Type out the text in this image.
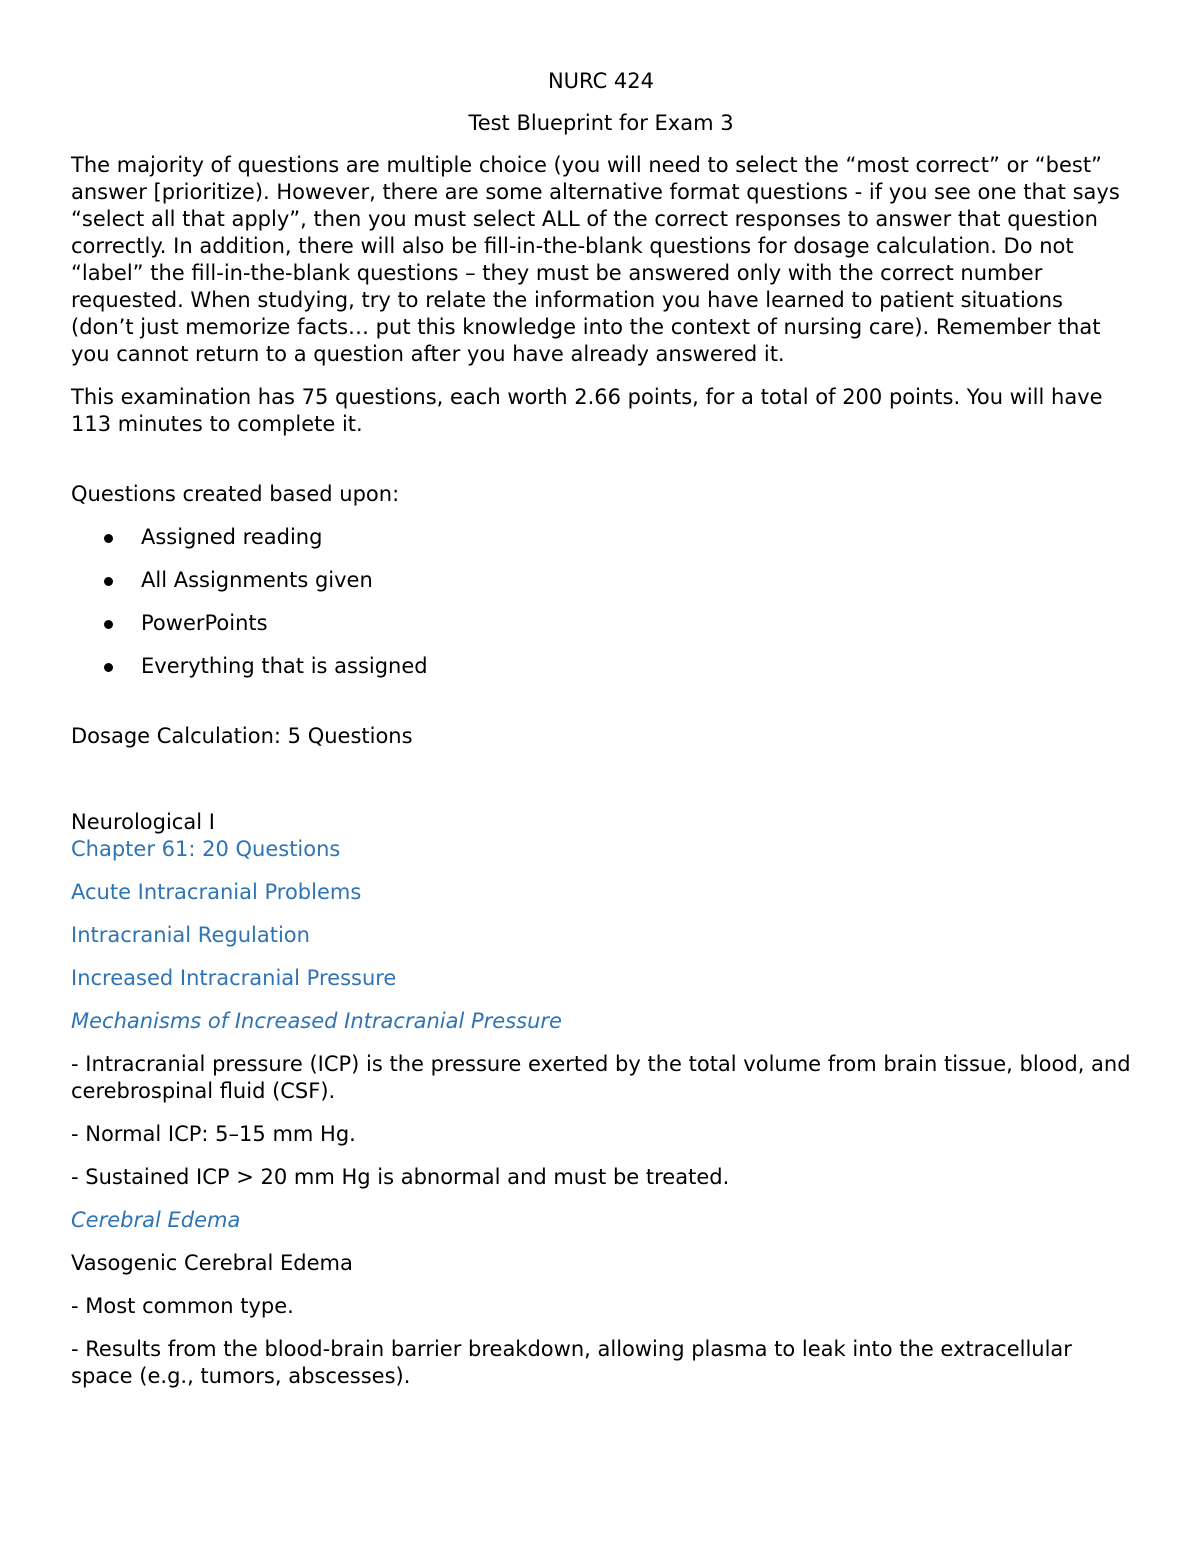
NURC 424

Test Blueprint for Exam 3

The majority of questions are multiple choice (you will need to select the “most correct” or “best” answer [prioritize). However, there are some alternative format questions - if you see one that says “select all that apply”, then you must select ALL of the correct responses to answer that question correctly. In addition, there will also be fill-in-the-blank questions for dosage calculation. Do not “label” the fill-in-the-blank questions – they must be answered only with the correct number requested. When studying, try to relate the information you have learned to patient situations (don’t just memorize facts… put this knowledge into the context of nursing care). Remember that you cannot return to a question after you have already answered it.

This examination has 75 questions, each worth 2.66 points, for a total of 200 points. You will have 113 minutes to complete it.

Questions created based upon:

Assigned reading
All Assignments given
PowerPoints
Everything that is assigned

Dosage Calculation: 5 Questions

Neurological I

Chapter 61: 20 Questions

Acute Intracranial Problems

Intracranial Regulation

Increased Intracranial Pressure

Mechanisms of Increased Intracranial Pressure

- Intracranial pressure (ICP) is the pressure exerted by the total volume from brain tissue, blood, and cerebrospinal fluid (CSF).

- Normal ICP: 5–15 mm Hg.

- Sustained ICP > 20 mm Hg is abnormal and must be treated.

Cerebral Edema

Vasogenic Cerebral Edema

- Most common type.

- Results from the blood-brain barrier breakdown, allowing plasma to leak into the extracellular space (e.g., tumors, abscesses).
